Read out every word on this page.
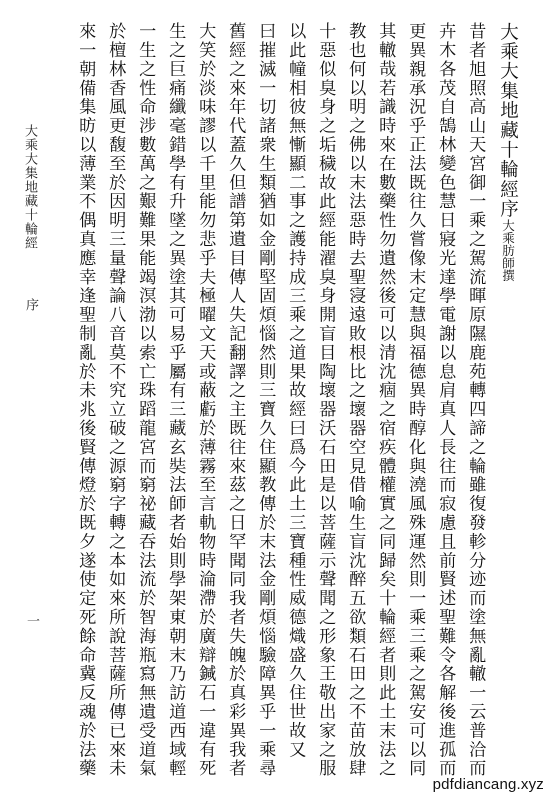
大乘大集地藏十輪經序大乘肪師撰
昔者旭照高山天宮御一乘之駕流暉原隰鹿苑轉四諦之輪雖復發軫分迹而塗無亂轍一云普洽而
卉木各茂自鵠林變色慧日寢光達學電謝以息肩真人長往而寂慮且前賢述聖難令各解後進孤而
更異親承況乎正法既往久嘗像末定慧與福德異時醇化與澆風殊運然則一乘三乘之駕安可以同
其轍哉若識時來在數藥性勿遺然後可以清沈痼之宿疾體權實之同歸矣十輪經者則此土末法之
教也何以明之佛以末法惡時去聖寖遠敗根比之壞器空見借喻生盲沈醉五欲類石田之不苗放肆
十惡似臭身之垢穢故此經能濯臭身開盲目陶壞器沃石田是以菩薩示聲聞之形象王敬出家之服
以此幢相彼無慚顯二事之護持成三乘之道果故經曰爲今此土三寶種性威德熾盛久住世故又
曰摧滅一切諸衆生類猶如金剛堅固煩惱然則三寶久住顯教傳於末法金剛煩惱驗障異乎一乘尋
舊經之來年代蓋久但譜第遺目傳人失記翻譯之主既往來茲之日罕聞同我者失魄於真彩異我者
大笑於淡味謬以千里能勿悲乎夫極曜文天或蔽虧於薄霧至言軌物時淪滯於廣辯鍼石一違有死
生之巨痛纖毫錯學有升墜之異塗其可易乎屬有三藏玄奘法師者始則學架東朝末乃訪道西域輕
一生之性命涉數萬之艱難果能竭溟渤以索亡珠蹈龍宮而窮祕藏吞法流於智海瓶寫無遺受道氣
於檀林香風更馥至於因明三量聲論八音莫不究立破之源窮字轉之本如來所說菩薩所傳已來未
來一朝備集昉以薄業不偶真應幸逢聖制亂於未兆後賢傳燈於既夕遂使定死餘命冀反魂於法藥
大乘大集地藏十輪經
序
一
pdfdiancang.xyz
